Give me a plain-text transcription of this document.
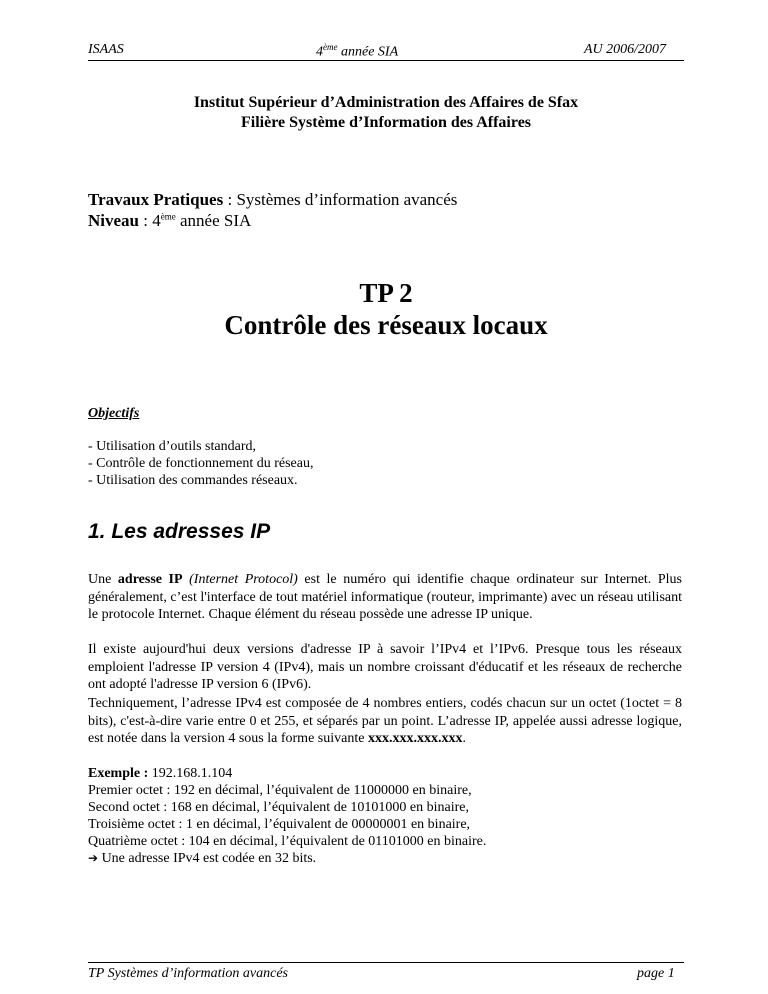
ISAAS	4ème année SIA	AU 2006/2007
Institut Supérieur d’Administration des Affaires de Sfax
Filière Système d’Information des Affaires
Travaux Pratiques : Systèmes d’information avancés
Niveau : 4ème année SIA
TP 2
Contrôle des réseaux locaux
Objectifs
- Utilisation d’outils standard,
- Contrôle de fonctionnement du réseau,
- Utilisation des commandes réseaux.
1. Les adresses IP
Une adresse IP (Internet Protocol) est le numéro qui identifie chaque ordinateur sur Internet. Plus généralement, c’est l'interface de tout matériel informatique (routeur, imprimante) avec un réseau utilisant le protocole Internet. Chaque élément du réseau possède une adresse IP unique.
Il existe aujourd'hui deux versions d'adresse IP à savoir l’IPv4 et l’IPv6. Presque tous les réseaux emploient l'adresse IP version 4 (IPv4), mais un nombre croissant d'éducatif et les réseaux de recherche ont adopté l'adresse IP version 6 (IPv6).
Techniquement, l’adresse IPv4 est composée de 4 nombres entiers, codés chacun sur un octet (1octet = 8 bits), c'est-à-dire varie entre 0 et 255, et séparés par un point. L’adresse IP, appelée aussi adresse logique, est notée dans la version 4 sous la forme suivante xxx.xxx.xxx.xxx.
Exemple : 192.168.1.104
Premier octet : 192 en décimal, l’équivalent de 11000000 en binaire,
Second octet : 168 en décimal, l’équivalent de 10101000 en binaire,
Troisième octet : 1 en décimal, l’équivalent de 00000001 en binaire,
Quatrième octet : 104 en décimal, l’équivalent de 01101000 en binaire.
➔ Une adresse IPv4 est codée en 32 bits.
TP Systèmes d’information avancés	page 1
